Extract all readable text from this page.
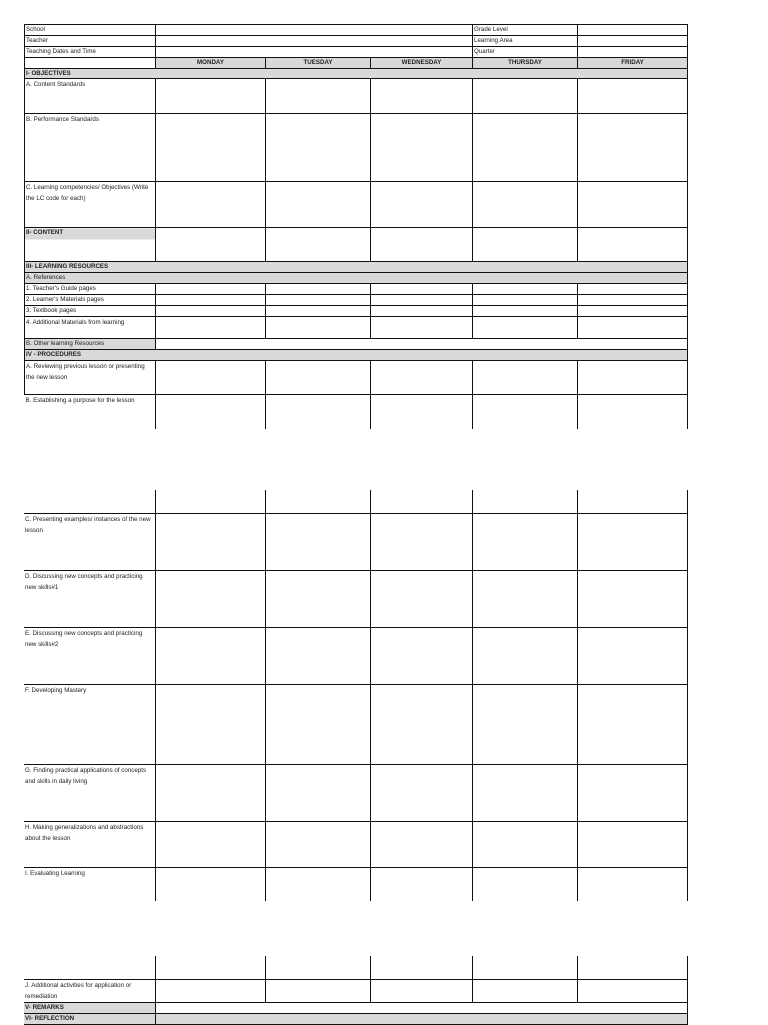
School				Grade Level	
Teacher				Learning Area	
Teaching Dates and Time				Quarter	
	MONDAY	TUESDAY	WEDNESDAY	THURSDAY	FRIDAY
I- OBJECTIVES					
A. Content Standards					
B. Performance Standards					
C. Learning competencies/ Objectives (Write the LC code for each)					
II- CONTENT					
III- LEARNING RESOURCES					
A. References					
1. Teacher's Guide pages					
2. Learner's Materials pages					
3. Textbook pages					
4. Additional Materials from learning					
B. Other learning Resources					
IV - PROCEDURES					
A. Reviewing previous lesson or presenting the new lesson					
B. Establishing a purpose for the lesson					

C. Presenting examples/ instances of the new lesson					
D. Discussing new concepts and practicing new skills#1					
E. Discussing new concepts and practicing new skills#2					
F. Developing Mastery					
G. Finding practical applications of concepts and skills in daily living					
H. Making generalizations and abstractions about the lesson					
I. Evaluating Learning					

J. Additional activities for application or remediation					
V- REMARKS					
VI- REFLECTION					
